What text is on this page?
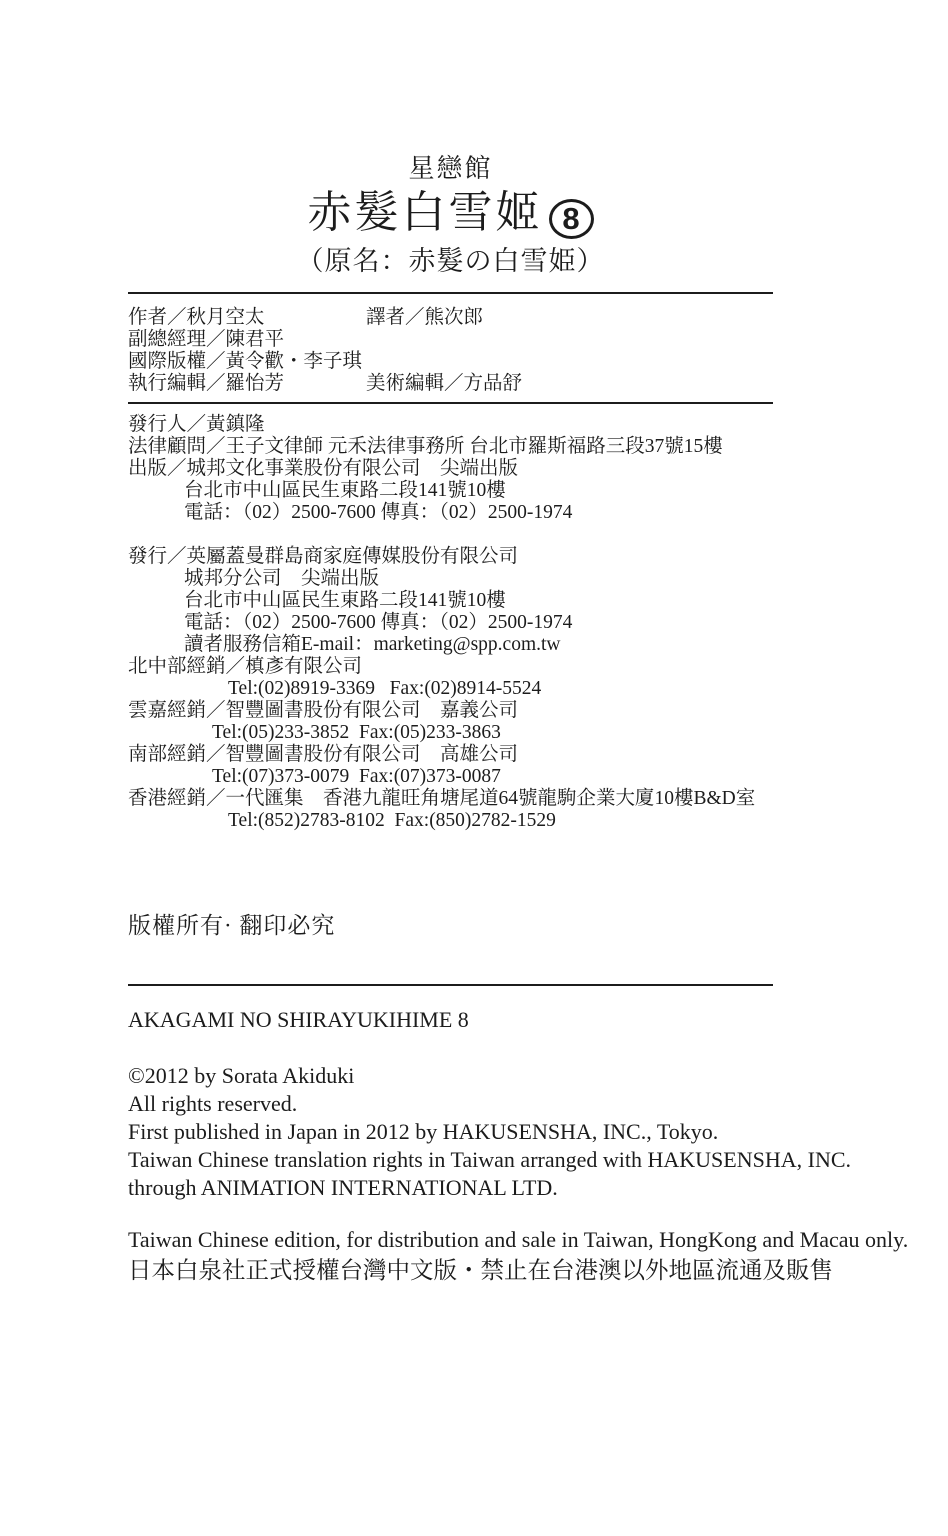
星戀館
赤髮白雪姬 8
（原名：赤髮の白雪姫）
作者／秋月空太	譯者／熊次郎
副總經理／陳君平
國際版權／黃令歡・李子琪
執行編輯／羅怡芳	美術編輯／方品舒
發行人／黃鎮隆
法律顧問／王子文律師 元禾法律事務所 台北市羅斯福路三段37號15樓
出版／城邦文化事業股份有限公司　尖端出版
台北市中山區民生東路二段141號10樓
電話：（02）2500-7600 傳真：（02）2500-1974
發行／英屬蓋曼群島商家庭傳媒股份有限公司
城邦分公司　尖端出版
台北市中山區民生東路二段141號10樓
電話：（02）2500-7600 傳真：（02）2500-1974
讀者服務信箱E-mail：marketing@spp.com.tw
北中部經銷／槙彥有限公司
Tel:(02)8919-3369   Fax:(02)8914-5524
雲嘉經銷／智豐圖書股份有限公司　嘉義公司
Tel:(05)233-3852  Fax:(05)233-3863
南部經銷／智豐圖書股份有限公司　高雄公司
Tel:(07)373-0079  Fax:(07)373-0087
香港經銷／一代匯集　香港九龍旺角塘尾道64號龍駒企業大廈10樓B&D室
Tel:(852)2783-8102  Fax:(850)2782-1529
版權所有· 翻印必究

AKAGAMI NO SHIRAYUKIHIME 8

©2012 by Sorata Akiduki
All rights reserved.
First published in Japan in 2012 by HAKUSENSHA, INC., Tokyo.
Taiwan Chinese translation rights in Taiwan arranged with HAKUSENSHA, INC.
through ANIMATION INTERNATIONAL LTD.
Taiwan Chinese edition, for distribution and sale in Taiwan, HongKong and Macau only.
日本白泉社正式授權台灣中文版・禁止在台港澳以外地區流通及販售
